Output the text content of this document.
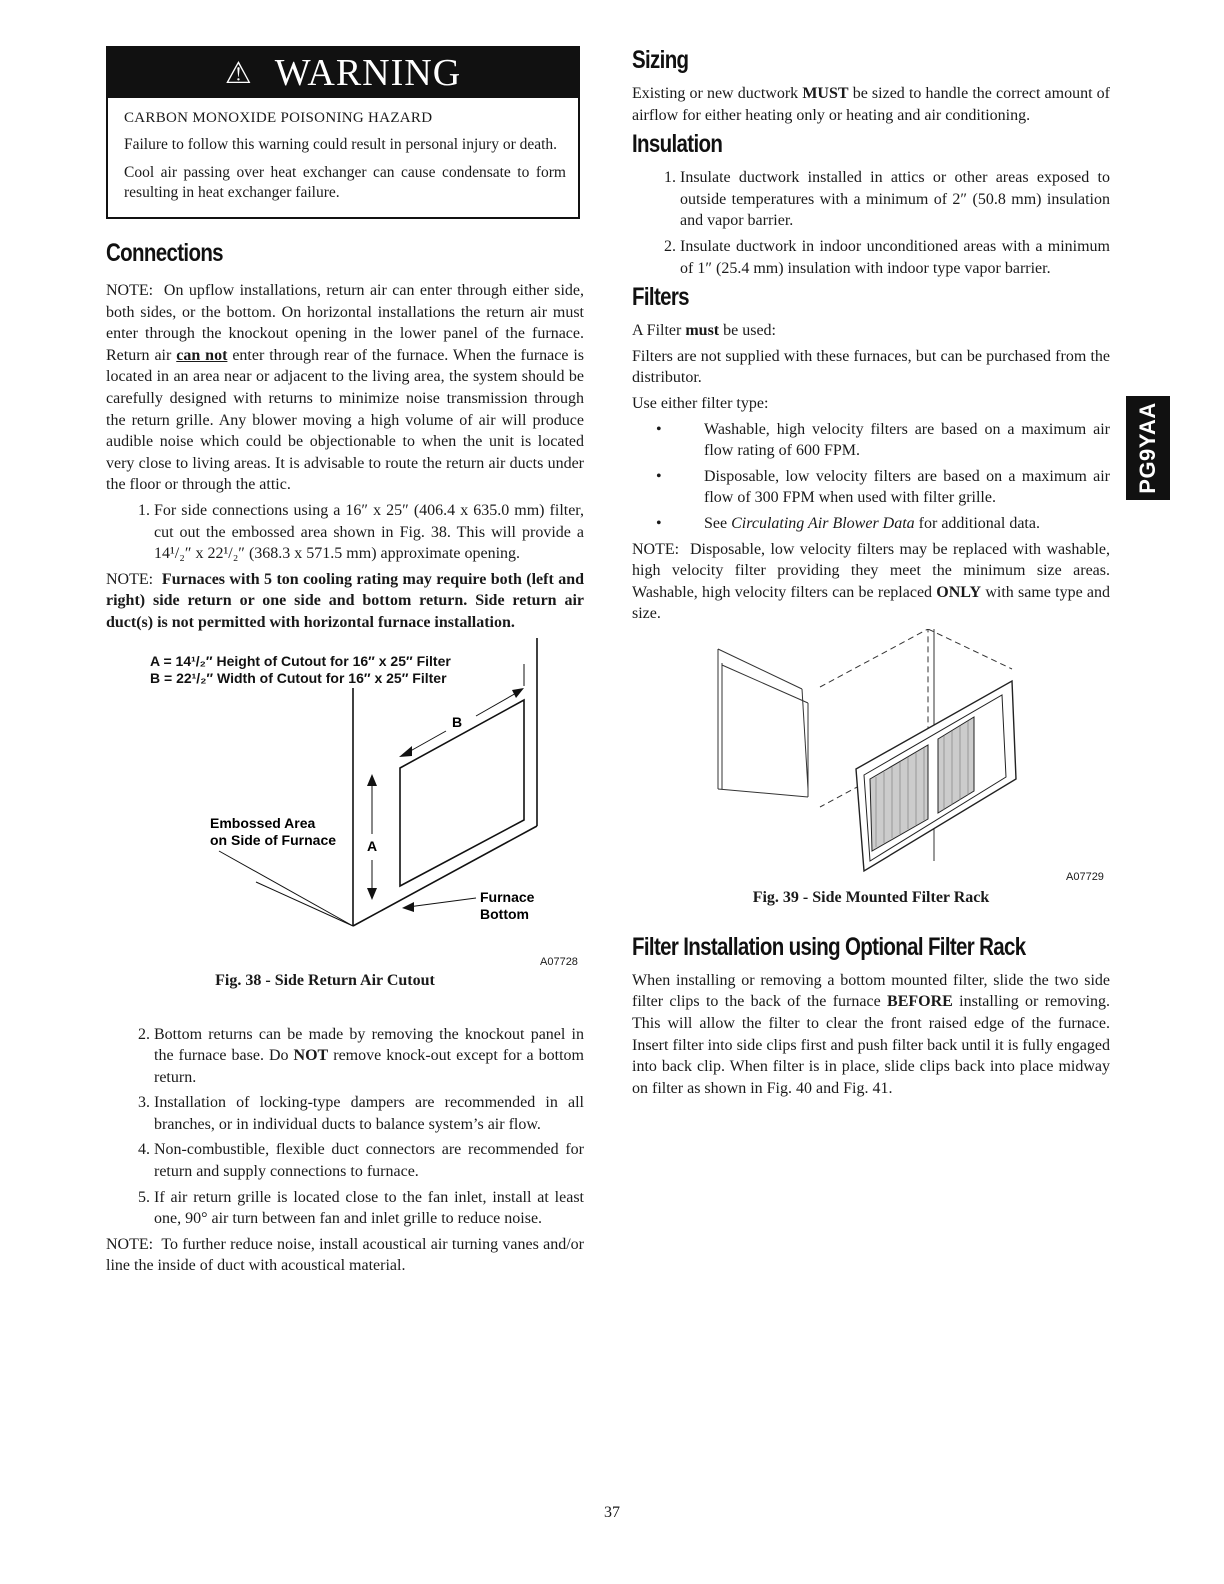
⚠ WARNING
CARBON MONOXIDE POISONING HAZARD

Failure to follow this warning could result in personal injury or death.

Cool air passing over heat exchanger can cause condensate to form resulting in heat exchanger failure.

Connections

NOTE: On upflow installations, return air can enter through either side, both sides, or the bottom. On horizontal installations the return air must enter through the knockout opening in the lower panel of the furnace. Return air can not enter through rear of the furnace. When the furnace is located in an area near or adjacent to the living area, the system should be carefully designed with returns to minimize noise transmission through the return grille. Any blower moving a high volume of air will produce audible noise which could be objectionable to when the unit is located very close to living areas. It is advisable to route the return air ducts under the floor or through the attic.

1. For side connections using a 16″ x 25″ (406.4 x 635.0 mm) filter, cut out the embossed area shown in Fig. 38. This will provide a 14¹/₂″ x 22¹/₂″ (368.3 x 571.5 mm) approximate opening.

NOTE: Furnaces with 5 ton cooling rating may require both (left and right) side return or one side and bottom return. Side return air duct(s) is not permitted with horizontal furnace installation.

A = 14¹/₂″ Height of Cutout for 16″ x 25″ Filter
B = 22¹/₂″ Width of Cutout for 16″ x 25″ Filter
B
A
Embossed Area
on Side of Furnace
Furnace
Bottom
A07728

Fig. 38 - Side Return Air Cutout

2. Bottom returns can be made by removing the knockout panel in the furnace base. Do NOT remove knock-out except for a bottom return.
3. Installation of locking-type dampers are recommended in all branches, or in individual ducts to balance system’s air flow.
4. Non-combustible, flexible duct connectors are recommended for return and supply connections to furnace.
5. If air return grille is located close to the fan inlet, install at least one, 90° air turn between fan and inlet grille to reduce noise.

NOTE: To further reduce noise, install acoustical air turning vanes and/or line the inside of duct with acoustical material.

Sizing

Existing or new ductwork MUST be sized to handle the correct amount of airflow for either heating only or heating and air conditioning.

Insulation
1. Insulate ductwork installed in attics or other areas exposed to outside temperatures with a minimum of 2″ (50.8 mm) insulation and vapor barrier.
2. Insulate ductwork in indoor unconditioned areas with a minimum of 1″ (25.4 mm) insulation with indoor type vapor barrier.
Filters

A Filter must be used:

Filters are not supplied with these furnaces, but can be purchased from the distributor.

Use either filter type:

•	Washable, high velocity filters are based on a maximum air flow rating of 600 FPM.
•	Disposable, low velocity filters are based on a maximum air flow of 300 FPM when used with filter grille.
•	See Circulating Air Blower Data for additional data.

NOTE: Disposable, low velocity filters may be replaced with washable, high velocity filter providing they meet the minimum size areas. Washable, high velocity filters can be replaced ONLY with same type and size.

A07729

Fig. 39 - Side Mounted Filter Rack

Filter Installation using Optional Filter Rack

When installing or removing a bottom mounted filter, slide the two side filter clips to the back of the furnace BEFORE installing or removing. This will allow the filter to clear the front raised edge of the furnace. Insert filter into side clips first and push filter back until it is fully engaged into back clip. When filter is in place, slide clips back into place midway on filter as shown in Fig. 40 and Fig. 41.

PG9YAA
37
